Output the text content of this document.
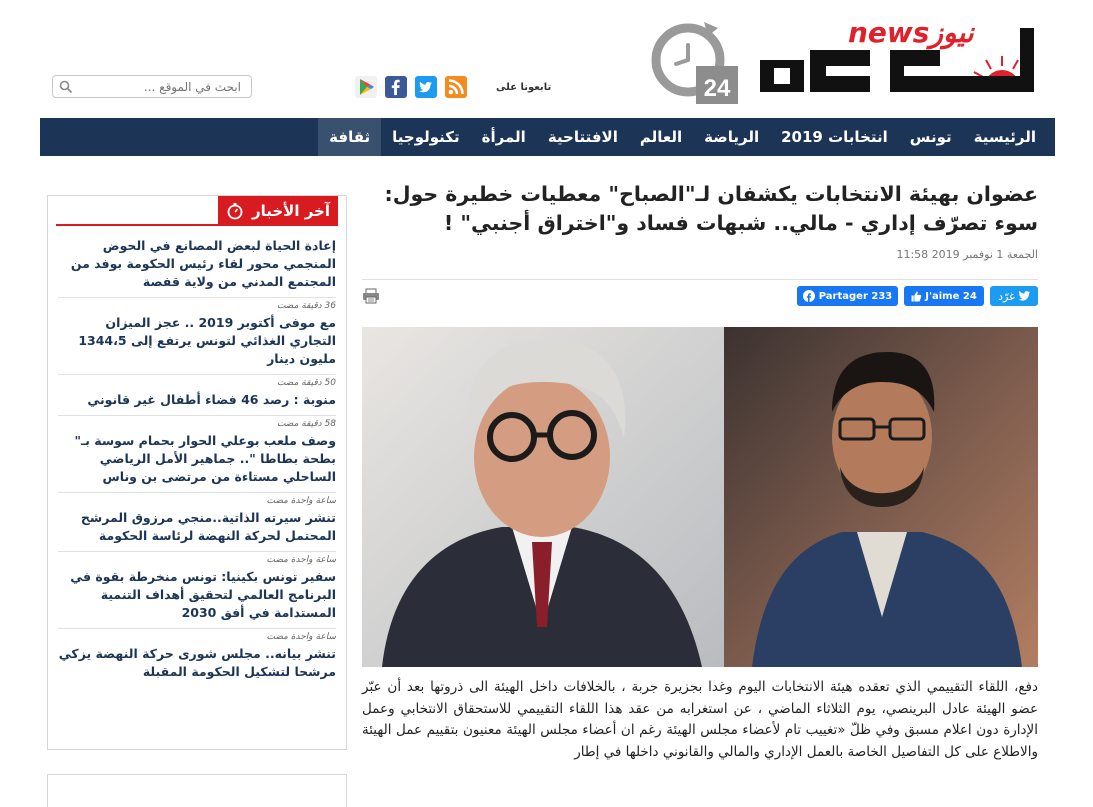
24
newsنيوز
تابعونا على
ابحث في الموقع ...
الرئيسية
تونس
انتخابات 2019
الرياضة
العالم
الافتتاحية
المرأة
تكنولوجيا
ثقافة
آخر الأخبار
إعادة الحياة لبعض المصانع في الحوض المنجمي محور لقاء رئيس الحكومة بوفد من المجتمع المدني من ولاية قفصة
36 دقيقة مضت
مع موفى أكتوبر 2019 .. عجز الميزان التجاري الغذائي لتونس يرتفع إلى 1344،5 مليون دينار
50 دقيقة مضت
منوبة : رصد 46 فضاء أطفال غير قانوني
58 دقيقة مضت
وصف ملعب بوعلي الحوار بحمام سوسة بـ" بطحة بطاطا ".. جماهير الأمل الرياضي الساحلي مستاءة من مرتضى بن وناس
ساعة واحدة مضت
تنشر سيرته الذاتية..منجي مرزوق المرشح المحتمل لحركة النهضة لرئاسة الحكومة
ساعة واحدة مضت
سفير تونس بكينيا: تونس منخرطة بقوة في البرنامج العالمي لتحقيق أهداف التنمية المستدامة في أفق 2030
ساعة واحدة مضت
تنشر بيانه.. مجلس شورى حركة النهضة يزكي مرشحا لتشكيل الحكومة المقبلة
عضوان بهيئة الانتخابات يكشفان لـ"الصباح" معطيات خطيرة حول: سوء تصرّف إداري - مالي.. شبهات فساد و"اختراق أجنبي" !
الجمعة 1 نوفمبر 2019 11:58
Partager 233	J'aime 24 غرّد

دفع، اللقاء التقييمي الذي تعقده هيئة الانتخابات اليوم وغدا بجزيرة جربة ، بالخلافات داخل الهيئة الى ذروتها بعد أن عبّر عضو الهيئة عادل البرينصي، يوم الثلاثاء الماضي ، عن استغرابه من عقد هذا اللقاء التقييمي للاستحقاق الانتخابي وعمل الإدارة دون اعلام مسبق وفي ظلّ «تغييب تام لأعضاء مجلس الهيئة رغم ان أعضاء مجلس الهيئة معنيون بتقييم عمل الهيئة والاطلاع على كل التفاصيل الخاصة بالعمل الإداري والمالي والقانوني داخلها في إطار
